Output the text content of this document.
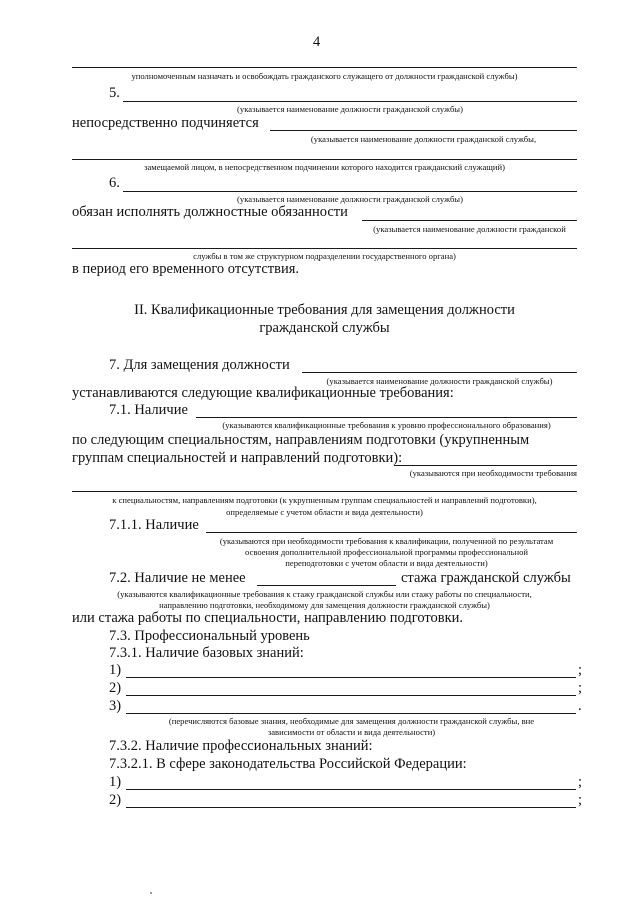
4
уполномоченным назначать и освобождать гражданского служащего от должности гражданской службы)
5.
(указывается наименование должности гражданской службы)
непосредственно подчиняется
(указывается наименование должности гражданской службы,
замещаемой лицом, в непосредственном подчинении которого находится гражданский служащий)
6.
(указывается наименование должности гражданской службы)
обязан исполнять должностные обязанности
(указывается наименование должности гражданской
службы в том же структурном подразделении государственного органа)
в период его временного отсутствия.
II. Квалификационные требования для замещения должности
гражданской службы
7. Для замещения должности
(указывается наименование должности гражданской службы)
устанавливаются следующие квалификационные требования:
7.1. Наличие
(указываются квалификационные требования к уровню профессионального образования)
по следующим специальностям, направлениям подготовки (укрупненным
группам специальностей и направлений подготовки):
(указываются при необходимости требования
к специальностям, направлениям подготовки (к укрупненным группам специальностей и направлений подготовки),
определяемые с учетом области и вида деятельности)
7.1.1. Наличие
(указываются при необходимости требования к квалификации, полученной по результатам
освоения дополнительной профессиональной программы профессиональной
переподготовки с учетом области и вида деятельности)
7.2. Наличие не менее	стажа гражданской службы
(указываются квалификационные требования к стажу гражданской службы или стажу работы по специальности,
направлению подготовки, необходимому для замещения должности гражданской службы)
или стажа работы по специальности, направлению подготовки.
7.3. Профессиональный уровень
7.3.1. Наличие базовых знаний:
1)	;
2)	;
3)	.
(перечисляются базовые знания, необходимые для замещения должности гражданской службы, вне
зависимости от области и вида деятельности)
7.3.2. Наличие профессиональных знаний:
7.3.2.1. В сфере законодательства Российской Федерации:
1)	;
2)	;
